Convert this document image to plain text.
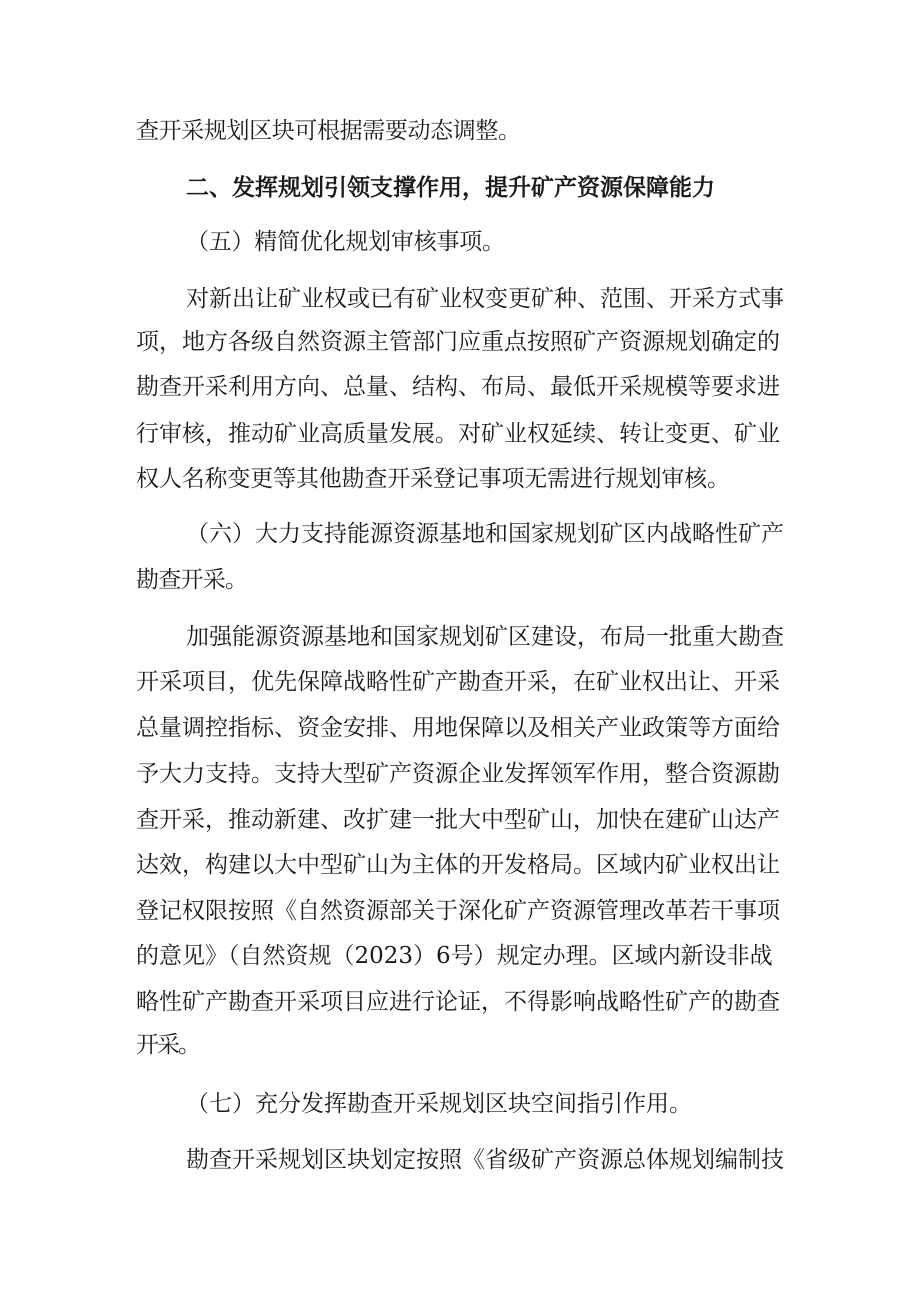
查开采规划区块可根据需要动态调整。
二、发挥规划引领支撑作用，提升矿产资源保障能力
（五）精简优化规划审核事项。
对新出让矿业权或已有矿业权变更矿种、范围、开采方式事
项，地方各级自然资源主管部门应重点按照矿产资源规划确定的
勘查开采利用方向、总量、结构、布局、最低开采规模等要求进
行审核，推动矿业高质量发展。对矿业权延续、转让变更、矿业
权人名称变更等其他勘查开采登记事项无需进行规划审核。
（六）大力支持能源资源基地和国家规划矿区内战略性矿产
勘查开采。
加强能源资源基地和国家规划矿区建设，布局一批重大勘查
开采项目，优先保障战略性矿产勘查开采，在矿业权出让、开采
总量调控指标、资金安排、用地保障以及相关产业政策等方面给
予大力支持。支持大型矿产资源企业发挥领军作用，整合资源勘
查开采，推动新建、改扩建一批大中型矿山，加快在建矿山达产
达效，构建以大中型矿山为主体的开发格局。区域内矿业权出让
登记权限按照《自然资源部关于深化矿产资源管理改革若干事项
的意见》（自然资规（2023）6号）规定办理。区域内新设非战
略性矿产勘查开采项目应进行论证，不得影响战略性矿产的勘查
开采。
（七）充分发挥勘查开采规划区块空间指引作用。
勘查开采规划区块划定按照《省级矿产资源总体规划编制技
